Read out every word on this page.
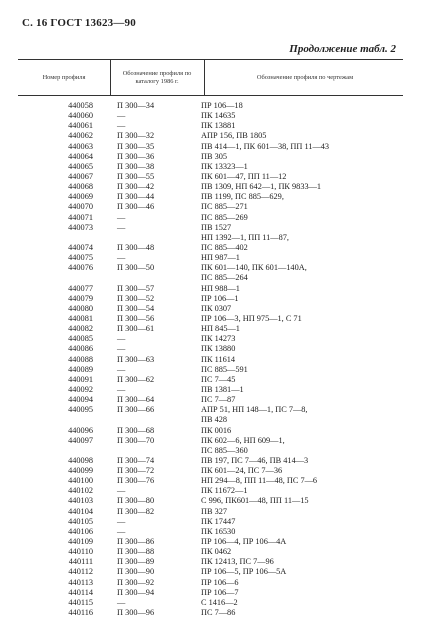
С. 16 ГОСТ 13623—90
Продолжение табл. 2
Номер профиля
Обозначение профиля по каталогу 1986 г.
Обозначение профиля по чертежам
440058	П 300—34	ПР 106—18
440060	—	ПК 14635
440061	—	ПК 13881
440062	П 300—32	АПР 156, ПВ 1805
440063	П 300—35	ПВ 414—1, ПК 601—38, ПП 11—43
440064	П 300—36	ПВ 305
440065	П 300—38	ПК 13323—1
440067	П 300—55	ПК 601—47, ПП 11—12
440068	П 300—42	ПВ 1309, НП 642—1, ПК 9833—1
440069	П 300—44	ПВ 1199, ПС 885—629,
440070	П 300—46	ПС 885—271
440071	—	ПС 885—269
440073	—	ПВ 1527
НП 1392—1, ПП 11—87,
440074	П 300—48	ПС 885—402
440075	—	НП 987—1
440076	П 300—50	ПК 601—140, ПК 601—140А,
ПС 885—264
440077	П 300—57	НП 988—1
440079	П 300—52	ПР 106—1
440080	П 300—54	ПК 0307
440081	П 300—56	ПР 106—3, НП 975—1, С 71
440082	П 300—61	НП 845—1
440085	—	ПК 14273
440086	—	ПК 13880
440088	П 300—63	ПК 11614
440089	—	ПС 885—591
440091	П 300—62	ПС 7—45
440092	—	ПВ 1381—1
440094	П 300—64	ПС 7—87
440095	П 300—66	АПР 51, НП 148—1, ПС 7—8,
ПВ 428
440096	П 300—68	ПК 0016
440097	П 300—70	ПК 602—6, НП 609—1,
ПС 885—360
440098	П 300—74	ПВ 197, ПС 7—46, ПВ 414—3
440099	П 300—72	ПК 601—24, ПС 7—36
440100	П 300—76	НП 294—8, ПП 11—48, ПС 7—6
440102	—	ПК 11672—1
440103	П 300—80	С 996, ПК601—48, ПП 11—15
440104	П 300—82	ПВ 327
440105	—	ПК 17447
440106	—	ПК 16530
440109	П 300—86	ПР 106—4, ПР 106—4А
440110	П 300—88	ПК 0462
440111	П 300—89	ПК 12413, ПС 7—96
440112	П 300—90	ПР 106—5, ПР 106—5А
440113	П 300—92	ПР 106—6
440114	П 300—94	ПР 106—7
440115	—	С 1416—2
440116	П 300—96	ПС 7—86
